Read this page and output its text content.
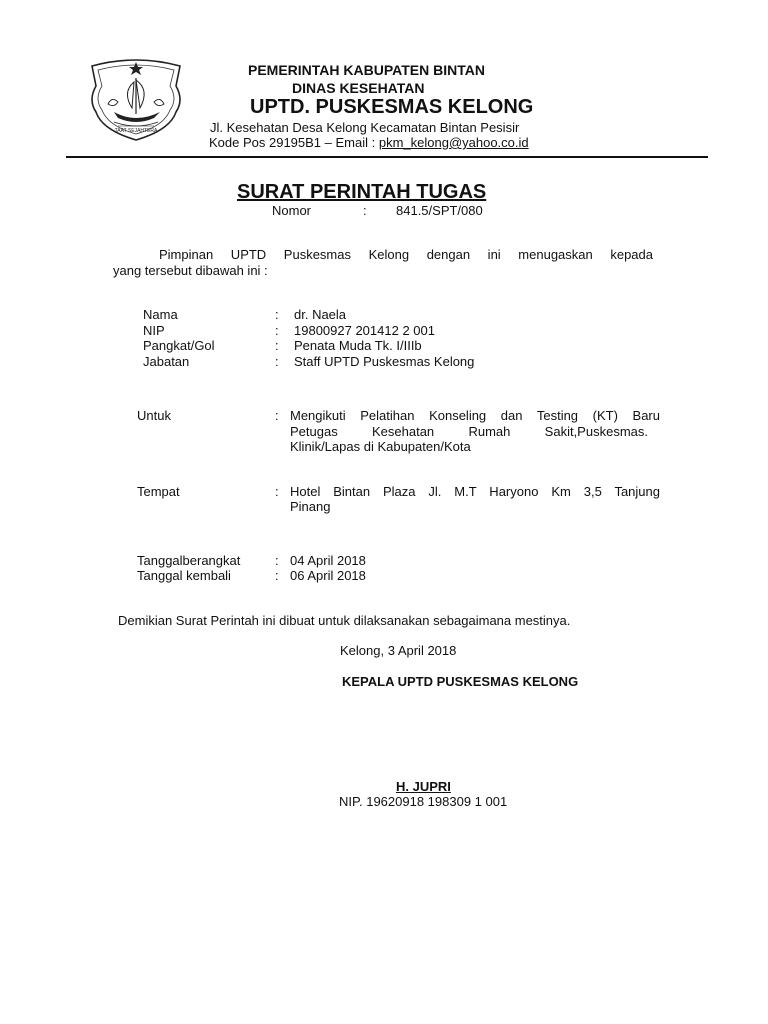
TAAT SEJAHTERA
PEMERINTAH KABUPATEN BINTAN
DINAS KESEHATAN
UPTD. PUSKESMAS KELONG
Jl. Kesehatan Desa Kelong Kecamatan Bintan Pesisir
Kode Pos 29195B1 – Email : pkm_kelong@yahoo.co.id
SURAT PERINTAH TUGAS
Nomor	: 841.5/SPT/080
Pimpinan UPTD Puskesmas Kelong dengan ini menugaskan kepada
yang tersebut dibawah ini :
Nama	: dr. Naela
NIP	: 19800927 201412 2 001
Pangkat/Gol	: Penata Muda Tk. I/IIIb
Jabatan	: Staff UPTD Puskesmas Kelong
Untuk	: Mengikuti Pelatihan Konseling dan Testing (KT) Baru
Petugas Kesehatan Rumah Sakit,Puskesmas.
Klinik/Lapas di Kabupaten/Kota
Tempat	: Hotel Bintan Plaza Jl. M.T Haryono Km 3,5 Tanjung
Pinang
Tanggalberangkat	: 04 April 2018
Tanggal kembali	: 06 April 2018
Demikian Surat Perintah ini dibuat untuk dilaksanakan sebagaimana mestinya.
Kelong, 3 April 2018
KEPALA UPTD PUSKESMAS KELONG
H. JUPRI
NIP. 19620918 198309 1 001
